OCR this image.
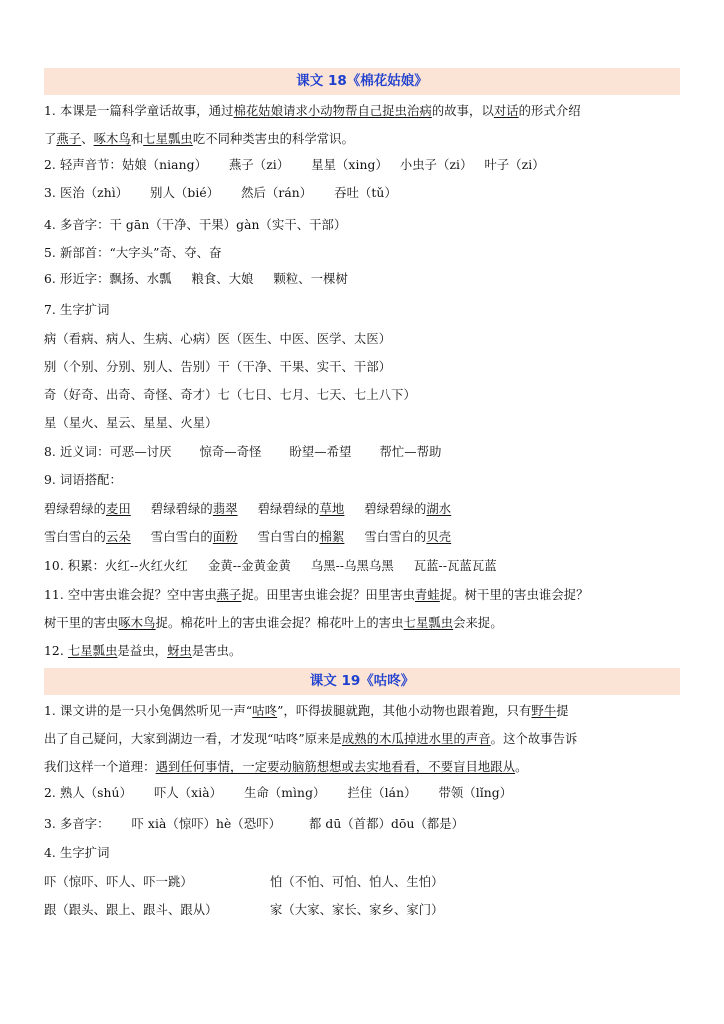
课文 18《棉花姑娘》
1. 本课是一篇科学童话故事，通过棉花姑娘请求小动物帮自己捉虫治病的故事，以对话的形式介绍
了燕子、啄木鸟和七星瓢虫吃不同种类害虫的科学常识。
2. 轻声音节：姑娘（niang） 燕子（zi） 星星（xing） 小虫子（zi） 叶子（zi）
3. 医治（zhì） 别人（bié） 然后（rán） 吞吐（tǔ）
4. 多音字：干 gān（干净、干果）gàn（实干、干部）
5. 新部首：“大字头”奇、夺、奋
6. 形近字：飘扬、水瓢 粮食、大娘 颗粒、一棵树
7. 生字扩词
病（看病、病人、生病、心病）医（医生、中医、医学、太医）
别（个别、分别、别人、告别）干（干净、干果、实干、干部）
奇（好奇、出奇、奇怪、奇才）七（七日、七月、七天、七上八下）
星（星火、星云、星星、火星）
8. 近义词：可恶—讨厌 惊奇—奇怪 盼望—希望 帮忙—帮助
9. 词语搭配：
碧绿碧绿的麦田 碧绿碧绿的翡翠 碧绿碧绿的草地 碧绿碧绿的湖水
雪白雪白的云朵 雪白雪白的面粉 雪白雪白的棉絮 雪白雪白的贝壳
10. 积累：火红--火红火红 金黄--金黄金黄 乌黑--乌黑乌黑 瓦蓝--瓦蓝瓦蓝
11. 空中害虫谁会捉？空中害虫燕子捉。田里害虫谁会捉？田里害虫青蛙捉。树干里的害虫谁会捉？
树干里的害虫啄木鸟捉。棉花叶上的害虫谁会捉？棉花叶上的害虫七星瓢虫会来捉。
12. 七星瓢虫是益虫，蚜虫是害虫。
课文 19《咕咚》
1. 课文讲的是一只小兔偶然听见一声“咕咚”，吓得拔腿就跑，其他小动物也跟着跑，只有野牛提
出了自己疑问，大家到湖边一看，才发现“咕咚”原来是成熟的木瓜掉进水里的声音。这个故事告诉
我们这样一个道理：遇到任何事情，一定要动脑筋想想或去实地看看，不要盲目地跟从。
2. 熟人（shú） 吓人（xià） 生命（mìng） 拦住（lán） 带领（lǐng）
3. 多音字： 吓 xià（惊吓）hè（恐吓） 都 dū（首都）dōu（都是）
4. 生字扩词
吓（惊吓、吓人、吓一跳）	怕（不怕、可怕、怕人、生怕）
跟（跟头、跟上、跟斗、跟从）	家（大家、家长、家乡、家门）
